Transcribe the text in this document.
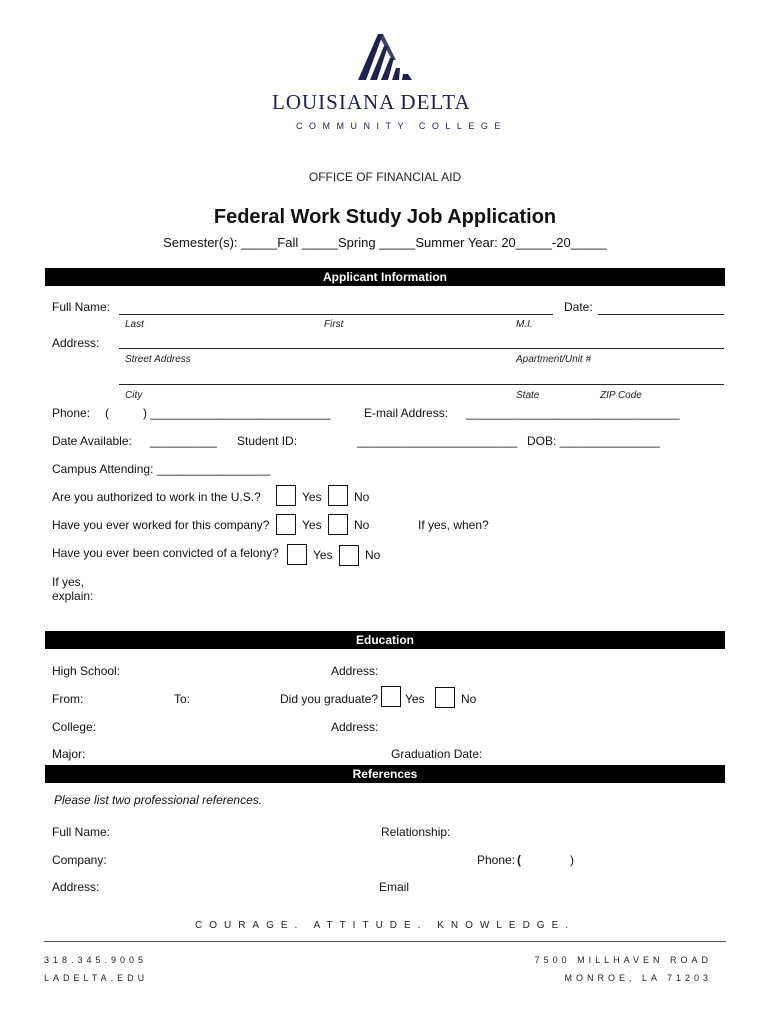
LOUISIANA DELTA
COMMUNITY COLLEGE
OFFICE OF FINANCIAL AID
Federal Work Study Job Application
Semester(s): _____Fall _____Spring _____Summer Year: 20_____-20_____
Applicant Information
Full Name:	Date:
Last	First	M.I.
Address:
Street Address	Apartment/Unit #
City	State	ZIP Code
Phone: (	) ___________________________	E-mail Address: ________________________________
Date Available: __________ Student ID:	________________________ DOB: _______________
Campus Attending: _________________
Are you authorized to work in the U.S.?	Yes	No
Have you ever worked for this company?	Yes	No	If yes, when?
Have you ever been convicted of a felony?	Yes	No
If yes,
explain:
Education
High School:	Address:
From:	To:	Did you graduate? Yes	No
College:	Address:
Major:	Graduation Date:
References
Please list two professional references.
Full Name:	Relationship:
Company:	Phone: (	)
Address:	Email
COURAGE. ATTITUDE. KNOWLEDGE.
318.345.9005
LADELTA.EDU
7500 MILLHAVEN ROAD
MONROE, LA 71203
